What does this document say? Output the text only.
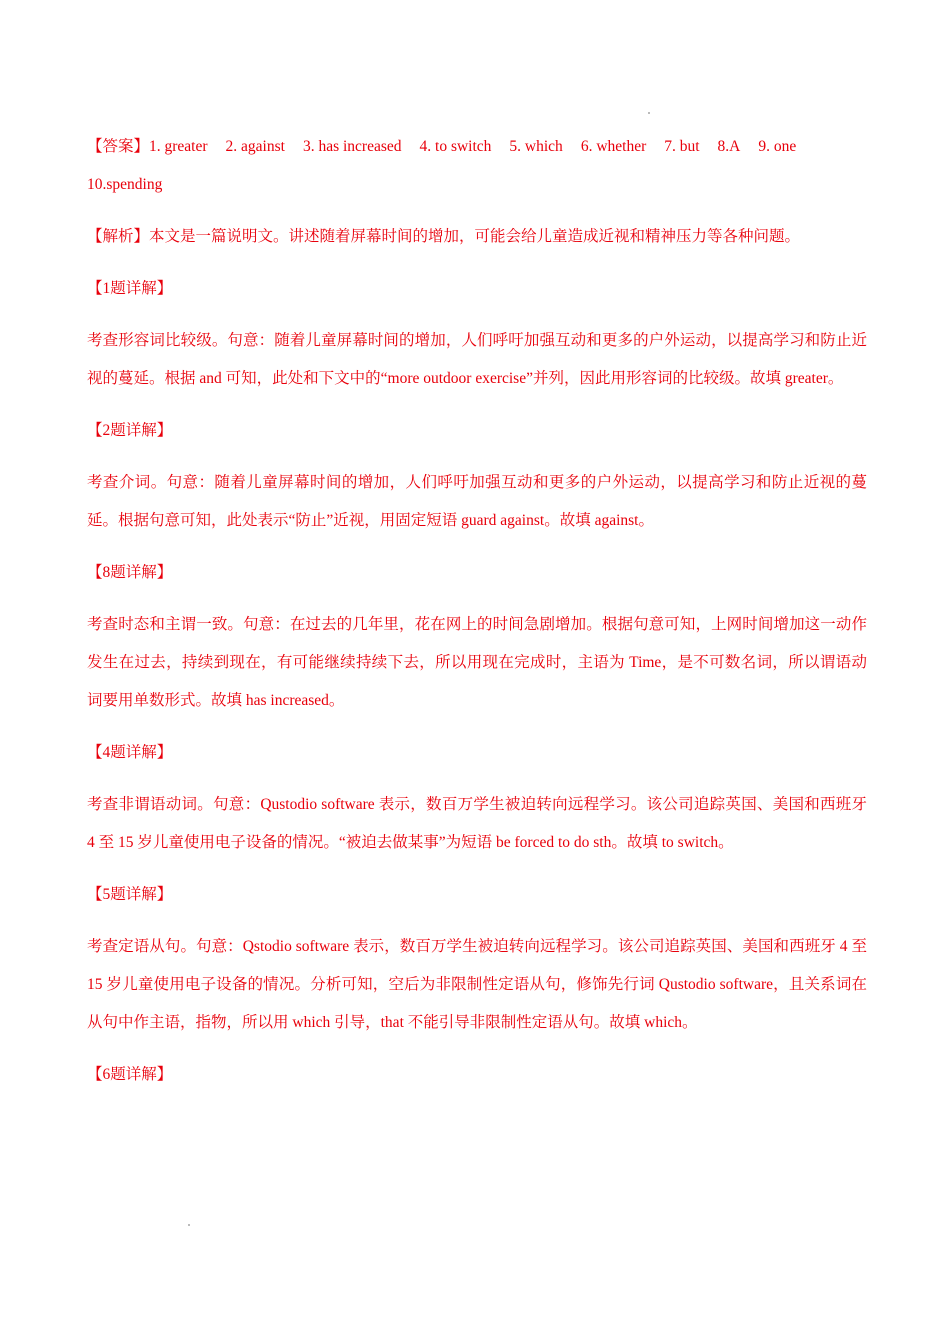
【答案】1. greater 2. against 3. has increased 4. to switch 5. which 6. whether 7. but 8.A 9. one

10.spending

【解析】本文是一篇说明文。讲述随着屏幕时间的增加，可能会给儿童造成近视和精神压力等各种问题。

【1题详解】

考查形容词比较级。句意：随着儿童屏幕时间的增加，人们呼吁加强互动和更多的户外运动，以提高学习和防止近视的蔓延。根据 and 可知，此处和下文中的“more outdoor exercise”并列，因此用形容词的比较级。故填 greater。

【2题详解】

考查介词。句意：随着儿童屏幕时间的增加，人们呼吁加强互动和更多的户外运动，以提高学习和防止近视的蔓延。根据句意可知，此处表示“防止”近视，用固定短语 guard against。故填 against。

【8题详解】

考查时态和主谓一致。句意：在过去的几年里，花在网上的时间急剧增加。根据句意可知，上网时间增加这一动作发生在过去，持续到现在，有可能继续持续下去，所以用现在完成时，主语为 Time，是不可数名词，所以谓语动词要用单数形式。故填 has increased。

【4题详解】

考查非谓语动词。句意：Qustodio software 表示，数百万学生被迫转向远程学习。该公司追踪英国、美国和西班牙 4 至 15 岁儿童使用电子设备的情况。“被迫去做某事”为短语 be forced to do sth。故填 to switch。

【5题详解】

考查定语从句。句意：Qstodio software 表示，数百万学生被迫转向远程学习。该公司追踪英国、美国和西班牙 4 至 15 岁儿童使用电子设备的情况。分析可知，空后为非限制性定语从句，修饰先行词 Qustodio software，且关系词在从句中作主语，指物，所以用 which 引导，that 不能引导非限制性定语从句。故填 which。

【6题详解】
